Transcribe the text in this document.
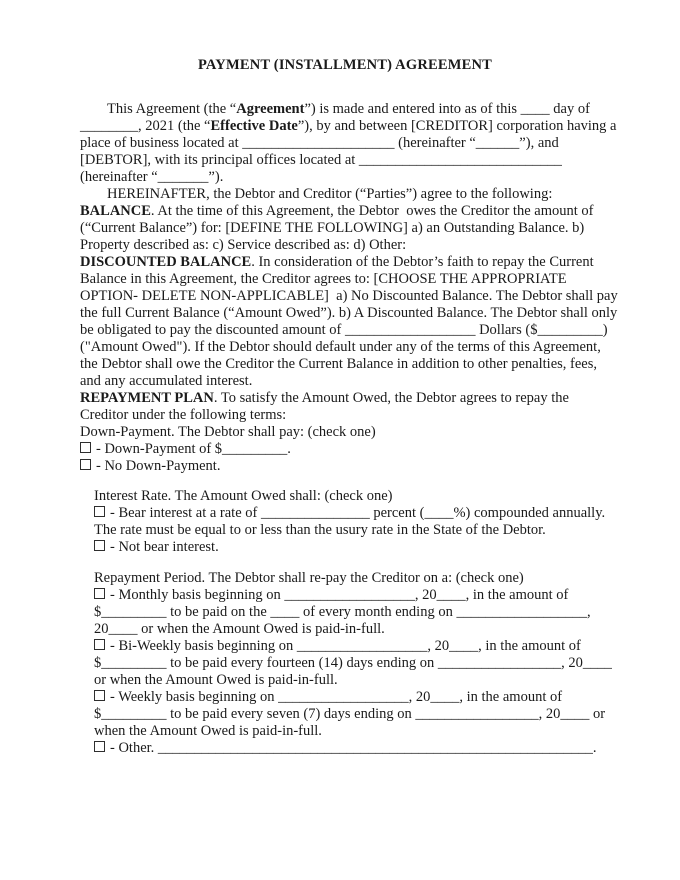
PAYMENT (INSTALLMENT) AGREEMENT

This Agreement (the “Agreement”) is made and entered into as of this ____ day of ________, 2021 (the “Effective Date”), by and between [CREDITOR] corporation having a place of business located at _____________________ (hereinafter “______”), and [DEBTOR], with its principal offices located at ____________________________ (hereinafter “_______”).

HEREINAFTER, the Debtor and Creditor (“Parties”) agree to the following:

BALANCE. At the time of this Agreement, the Debtor  owes the Creditor the amount of (“Current Balance”) for: [DEFINE THE FOLLOWING] a) an Outstanding Balance. b) Property described as: c) Service described as: d) Other:

DISCOUNTED BALANCE. In consideration of the Debtor’s faith to repay the Current Balance in this Agreement, the Creditor agrees to: [CHOOSE THE APPROPRIATE OPTION- DELETE NON-APPLICABLE]  a) No Discounted Balance. The Debtor shall pay the full Current Balance (“Amount Owed”). b) A Discounted Balance. The Debtor shall only be obligated to pay the discounted amount of __________________ Dollars ($_________) ("Amount Owed"). If the Debtor should default under any of the terms of this Agreement, the Debtor shall owe the Creditor the Current Balance in addition to other penalties, fees, and any accumulated interest.

REPAYMENT PLAN. To satisfy the Amount Owed, the Debtor agrees to repay the Creditor under the following terms:

Down-Payment. The Debtor shall pay: (check one)

- Down-Payment of $_________.
- No Down-Payment.

Interest Rate. The Amount Owed shall: (check one)

- Bear interest at a rate of _______________ percent (____%) compounded annually. The rate must be equal to or less than the usury rate in the State of the Debtor.
- Not bear interest.

Repayment Period. The Debtor shall re-pay the Creditor on a: (check one)

- Monthly basis beginning on __________________, 20____, in the amount of $_________ to be paid on the ____ of every month ending on __________________, 20____ or when the Amount Owed is paid-in-full.
- Bi-Weekly basis beginning on __________________, 20____, in the amount of $_________ to be paid every fourteen (14) days ending on _________________, 20____ or when the Amount Owed is paid-in-full.
- Weekly basis beginning on __________________, 20____, in the amount of $_________ to be paid every seven (7) days ending on _________________, 20____ or when the Amount Owed is paid-in-full.
- Other. ____________________________________________________________.
